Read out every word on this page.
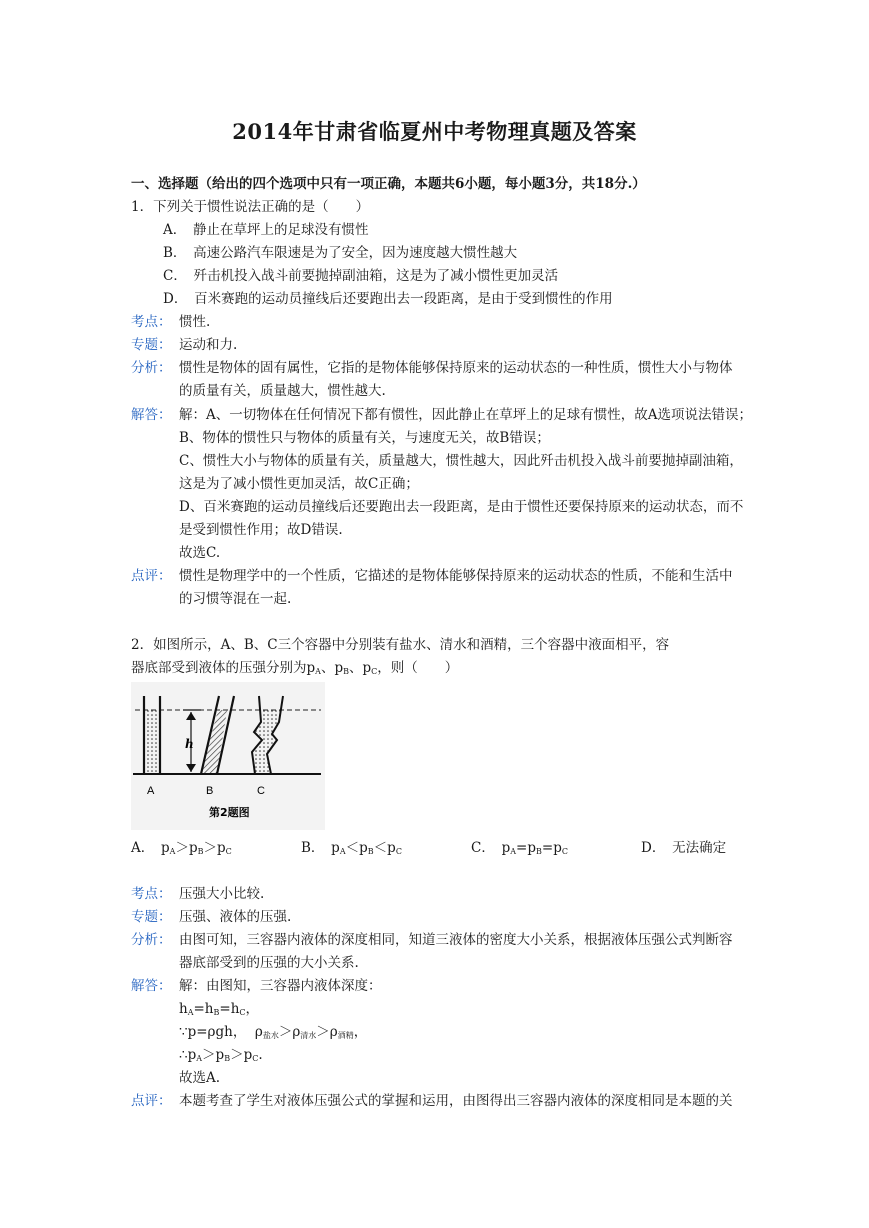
2014年甘肃省临夏州中考物理真题及答案
一、选择题（给出的四个选项中只有一项正确，本题共6小题，每小题3分，共18分.）
1．下列关于惯性说法正确的是（　　）
A．　静止在草坪上的足球没有惯性
B．　高速公路汽车限速是为了安全，因为速度越大惯性越大
C．　歼击机投入战斗前要抛掉副油箱，这是为了减小惯性更加灵活
D．　百米赛跑的运动员撞线后还要跑出去一段距离，是由于受到惯性的作用
考点： 惯性.
专题： 运动和力.
分析： 惯性是物体的固有属性，它指的是物体能够保持原来的运动状态的一种性质，惯性大小与物体
的质量有关，质量越大，惯性越大.
解答： 解：A、一切物体在任何情况下都有惯性，因此静止在草坪上的足球有惯性，故A选项说法错误；
B、物体的惯性只与物体的质量有关，与速度无关，故B错误；
C、惯性大小与物体的质量有关，质量越大，惯性越大，因此歼击机投入战斗前要抛掉副油箱，
这是为了减小惯性更加灵活，故C正确；
D、百米赛跑的运动员撞线后还要跑出去一段距离，是由于惯性还要保持原来的运动状态，而不
是受到惯性作用；故D错误.
故选C.
点评： 惯性是物理学中的一个性质，它描述的是物体能够保持原来的运动状态的性质，不能和生活中
的习惯等混在一起.
2．如图所示，A、B、C三个容器中分别装有盐水、清水和酒精，三个容器中液面相平，容
器底部受到液体的压强分别为$p_A$、$p_B$、$p_C$，则（　　）
h
A	B	C
第2题图
A．　$p_A>p_B>p_C$	B．　$p_A<p_B<p_C$	C．　$p_A=p_B=p_C$	D．　无法确定
考点： 压强大小比较.
专题： 压强、液体的压强.
分析： 由图可知，三容器内液体的深度相同，知道三液体的密度大小关系，根据液体压强公式判断容
器底部受到的压强的大小关系.
解答： 解：由图知，三容器内液体深度：
$h_A=h_B=h_C$，
∵p=ρgh， $\rho_{盐水}>\rho_{清水}>\rho_{酒精}$，
$\therefore p_A>p_B>p_C$.
故选A.
点评： 本题考查了学生对液体压强公式的掌握和运用，由图得出三容器内液体的深度相同是本题的关
